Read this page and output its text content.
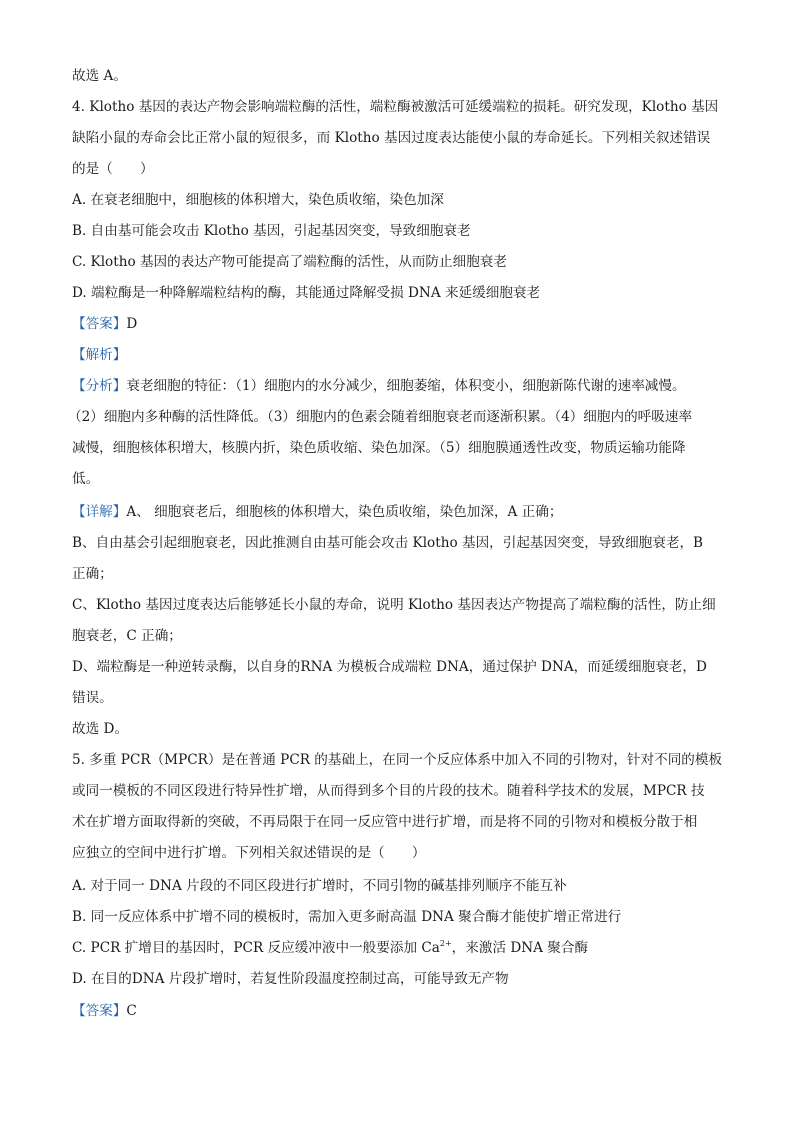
故选 A。
4. Klotho 基因的表达产物会影响端粒酶的活性，端粒酶被激活可延缓端粒的损耗。研究发现，Klotho 基因
缺陷小鼠的寿命会比正常小鼠的短很多，而 Klotho 基因过度表达能使小鼠的寿命延长。下列相关叙述错误
的是（　　）
A. 在衰老细胞中，细胞核的体积增大，染色质收缩，染色加深
B. 自由基可能会攻击 Klotho 基因，引起基因突变，导致细胞衰老
C. Klotho 基因的表达产物可能提高了端粒酶的活性，从而防止细胞衰老
D. 端粒酶是一种降解端粒结构的酶，其能通过降解受损 DNA 来延缓细胞衰老
【答案】D
【解析】
【分析】衰老细胞的特征：（1）细胞内的水分减少，细胞萎缩，体积变小，细胞新陈代谢的速率减慢。
（2）细胞内多种酶的活性降低。（3）细胞内的色素会随着细胞衰老而逐渐积累。（4）细胞内的呼吸速率
减慢，细胞核体积增大，核膜内折，染色质收缩、染色加深。（5）细胞膜通透性改变，物质运输功能降
低。
【详解】A、 细胞衰老后，细胞核的体积增大，染色质收缩，染色加深，A 正确；
B、自由基会引起细胞衰老，因此推测自由基可能会攻击 Klotho 基因，引起基因突变，导致细胞衰老，B
正确；
C、Klotho 基因过度表达后能够延长小鼠的寿命，说明 Klotho 基因表达产物提高了端粒酶的活性，防止细
胞衰老，C 正确；
D、端粒酶是一种逆转录酶，以自身的RNA 为模板合成端粒 DNA，通过保护 DNA，而延缓细胞衰老，D
错误。
故选 D。
5. 多重 PCR（MPCR）是在普通 PCR 的基础上，在同一个反应体系中加入不同的引物对，针对不同的模板
或同一模板的不同区段进行特异性扩增，从而得到多个目的片段的技术。随着科学技术的发展，MPCR 技
术在扩增方面取得新的突破，不再局限于在同一反应管中进行扩增，而是将不同的引物对和模板分散于相
应独立的空间中进行扩增。下列相关叙述错误的是（　　）
A. 对于同一 DNA 片段的不同区段进行扩增时，不同引物的碱基排列顺序不能互补
B. 同一反应体系中扩增不同的模板时，需加入更多耐高温 DNA 聚合酶才能使扩增正常进行
C. PCR 扩增目的基因时，PCR 反应缓冲液中一般要添加 $Ca^{2+}$，来激活 DNA 聚合酶
D. 在目的DNA 片段扩增时，若复性阶段温度控制过高，可能导致无产物
【答案】C
